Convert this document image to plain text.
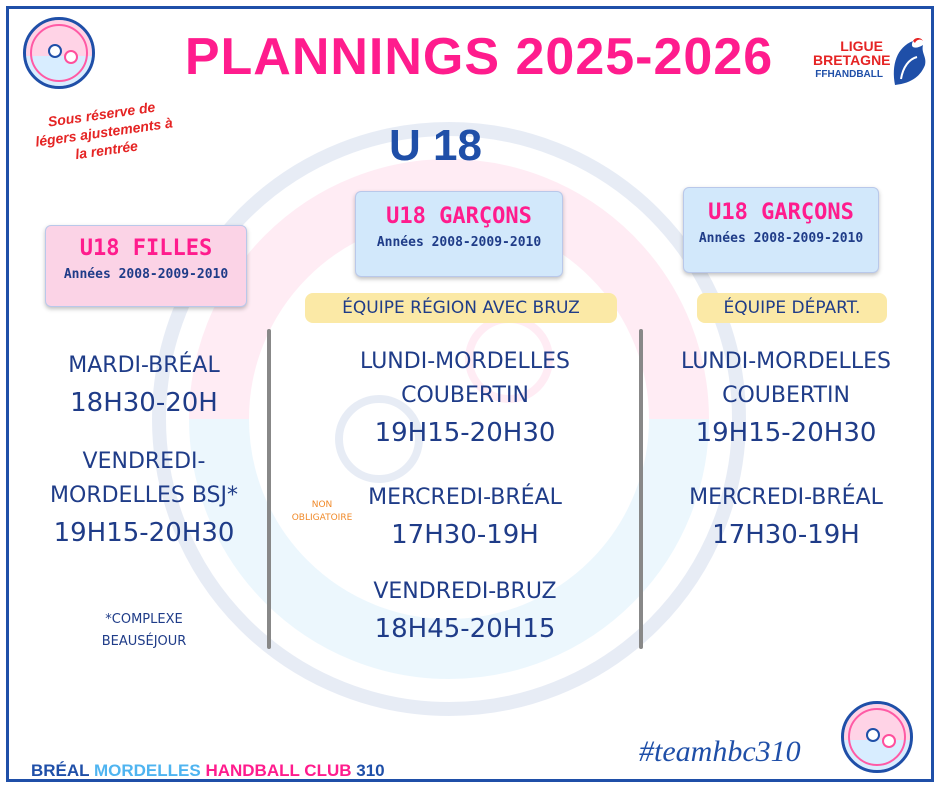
PLANNINGS 2025-2026	LIGUE
BRETAGNE
FFHANDBALL
Sous réserve de légers ajustements à la rentrée	U 18
U18 FILLES
Années 2008-2009-2010
MARDI-BRÉAL
18H30-20H
VENDREDI-
MORDELLES BSJ*
19H15-20H30
*COMPLEXE
BEAUSÉJOUR
U18 GARÇONS
Années 2008-2009-2010
ÉQUIPE RÉGION AVEC BRUZ
LUNDI-MORDELLES
COUBERTIN
19H15-20H30
NON
OBLIGATOIRE
MERCREDI-BRÉAL
17H30-19H
VENDREDI-BRUZ
18H45-20H15
U18 GARÇONS
Années 2008-2009-2010
ÉQUIPE DÉPART.
LUNDI-MORDELLES
COUBERTIN
19H15-20H30
MERCREDI-BRÉAL
17H30-19H
BRÉAL MORDELLES HANDBALL CLUB 310
#teamhbc310
